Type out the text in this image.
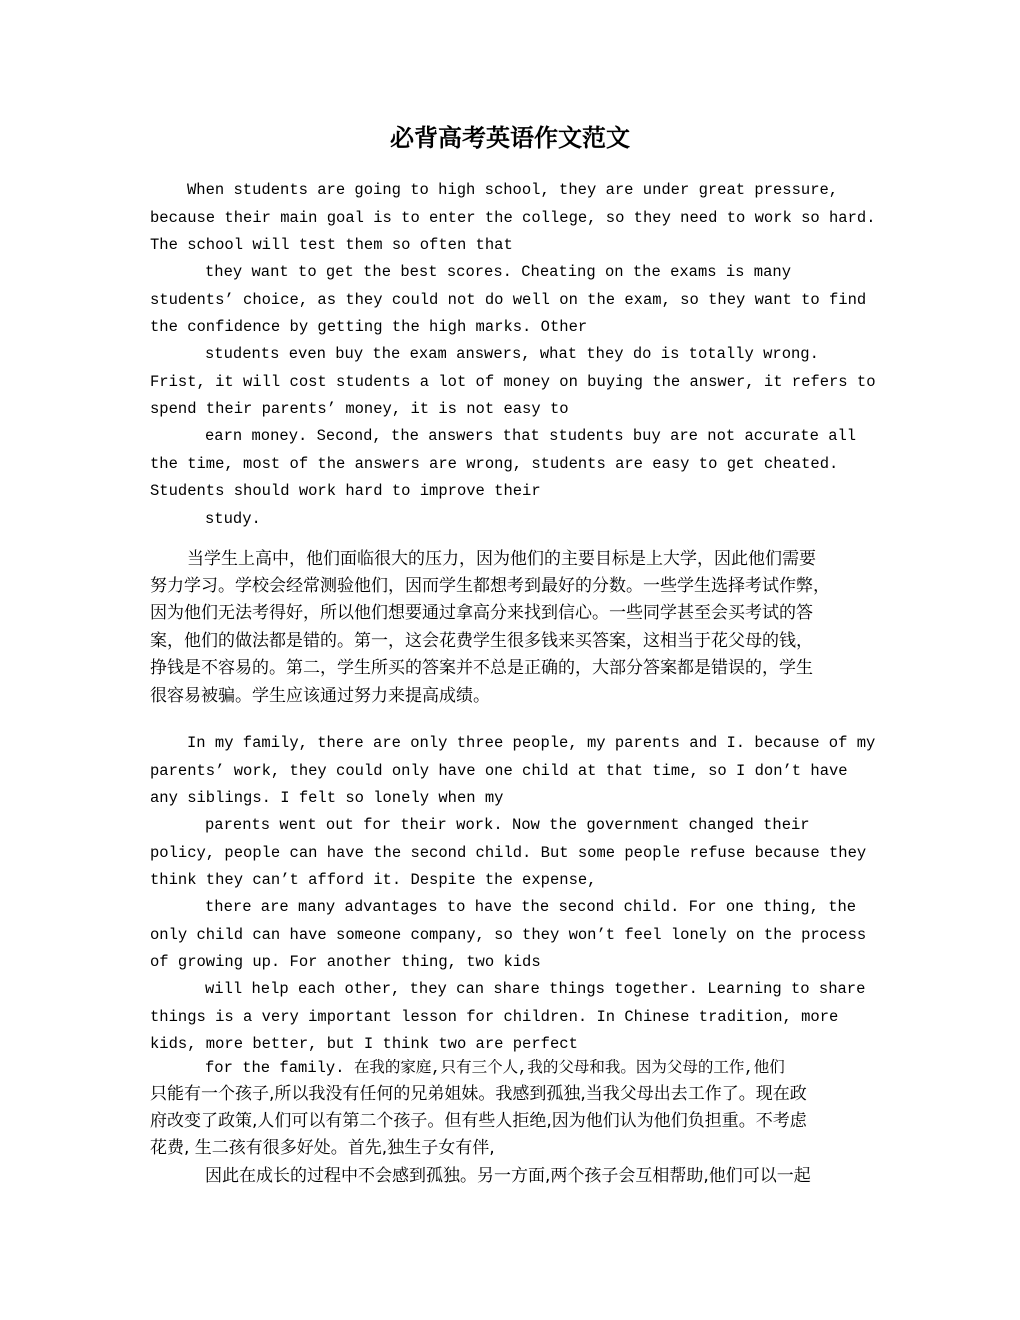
必背高考英语作文范文

When students are going to high school, they are under great pressure,

because their main goal is to enter the college, so they need to work so hard.

The school will test them so often that

they want to get the best scores. Cheating on the exams is many

students’ choice, as they could not do well on the exam, so they want to find

the confidence by getting the high marks. Other

students even buy the exam answers, what they do is totally wrong.

Frist, it will cost students a lot of money on buying the answer, it refers to

spend their parents’ money, it is not easy to

earn money. Second, the answers that students buy are not accurate all

the time, most of the answers are wrong, students are easy to get cheated.

Students should work hard to improve their

study.

当学生上高中，他们面临很大的压力，因为他们的主要目标是上大学，因此他们需要

努力学习。学校会经常测验他们，因而学生都想考到最好的分数。一些学生选择考试作弊，

因为他们无法考得好，所以他们想要通过拿高分来找到信心。一些同学甚至会买考试的答

案，他们的做法都是错的。第一，这会花费学生很多钱来买答案，这相当于花父母的钱，

挣钱是不容易的。第二，学生所买的答案并不总是正确的，大部分答案都是错误的，学生

很容易被骗。学生应该通过努力来提高成绩。

In my family, there are only three people, my parents and I. because of my

parents’ work, they could only have one child at that time, so I don’t have

any siblings. I felt so lonely when my

parents went out for their work. Now the government changed their

policy, people can have the second child. But some people refuse because they

think they can’t afford it. Despite the expense,

there are many advantages to have the second child. For one thing, the

only child can have someone company, so they won’t feel lonely on the process

of growing up. For another thing, two kids

will help each other, they can share things together. Learning to share

things is a very important lesson for children. In Chinese tradition, more

kids, more better, but I think two are perfect

for the family. 在我的家庭,只有三个人,我的父母和我。因为父母的工作,他们

只能有一个孩子,所以我没有任何的兄弟姐妹。我感到孤独,当我父母出去工作了。现在政

府改变了政策,人们可以有第二个孩子。但有些人拒绝,因为他们认为他们负担重。不考虑

花费, 生二孩有很多好处。首先,独生子女有伴,

因此在成长的过程中不会感到孤独。另一方面,两个孩子会互相帮助,他们可以一起
